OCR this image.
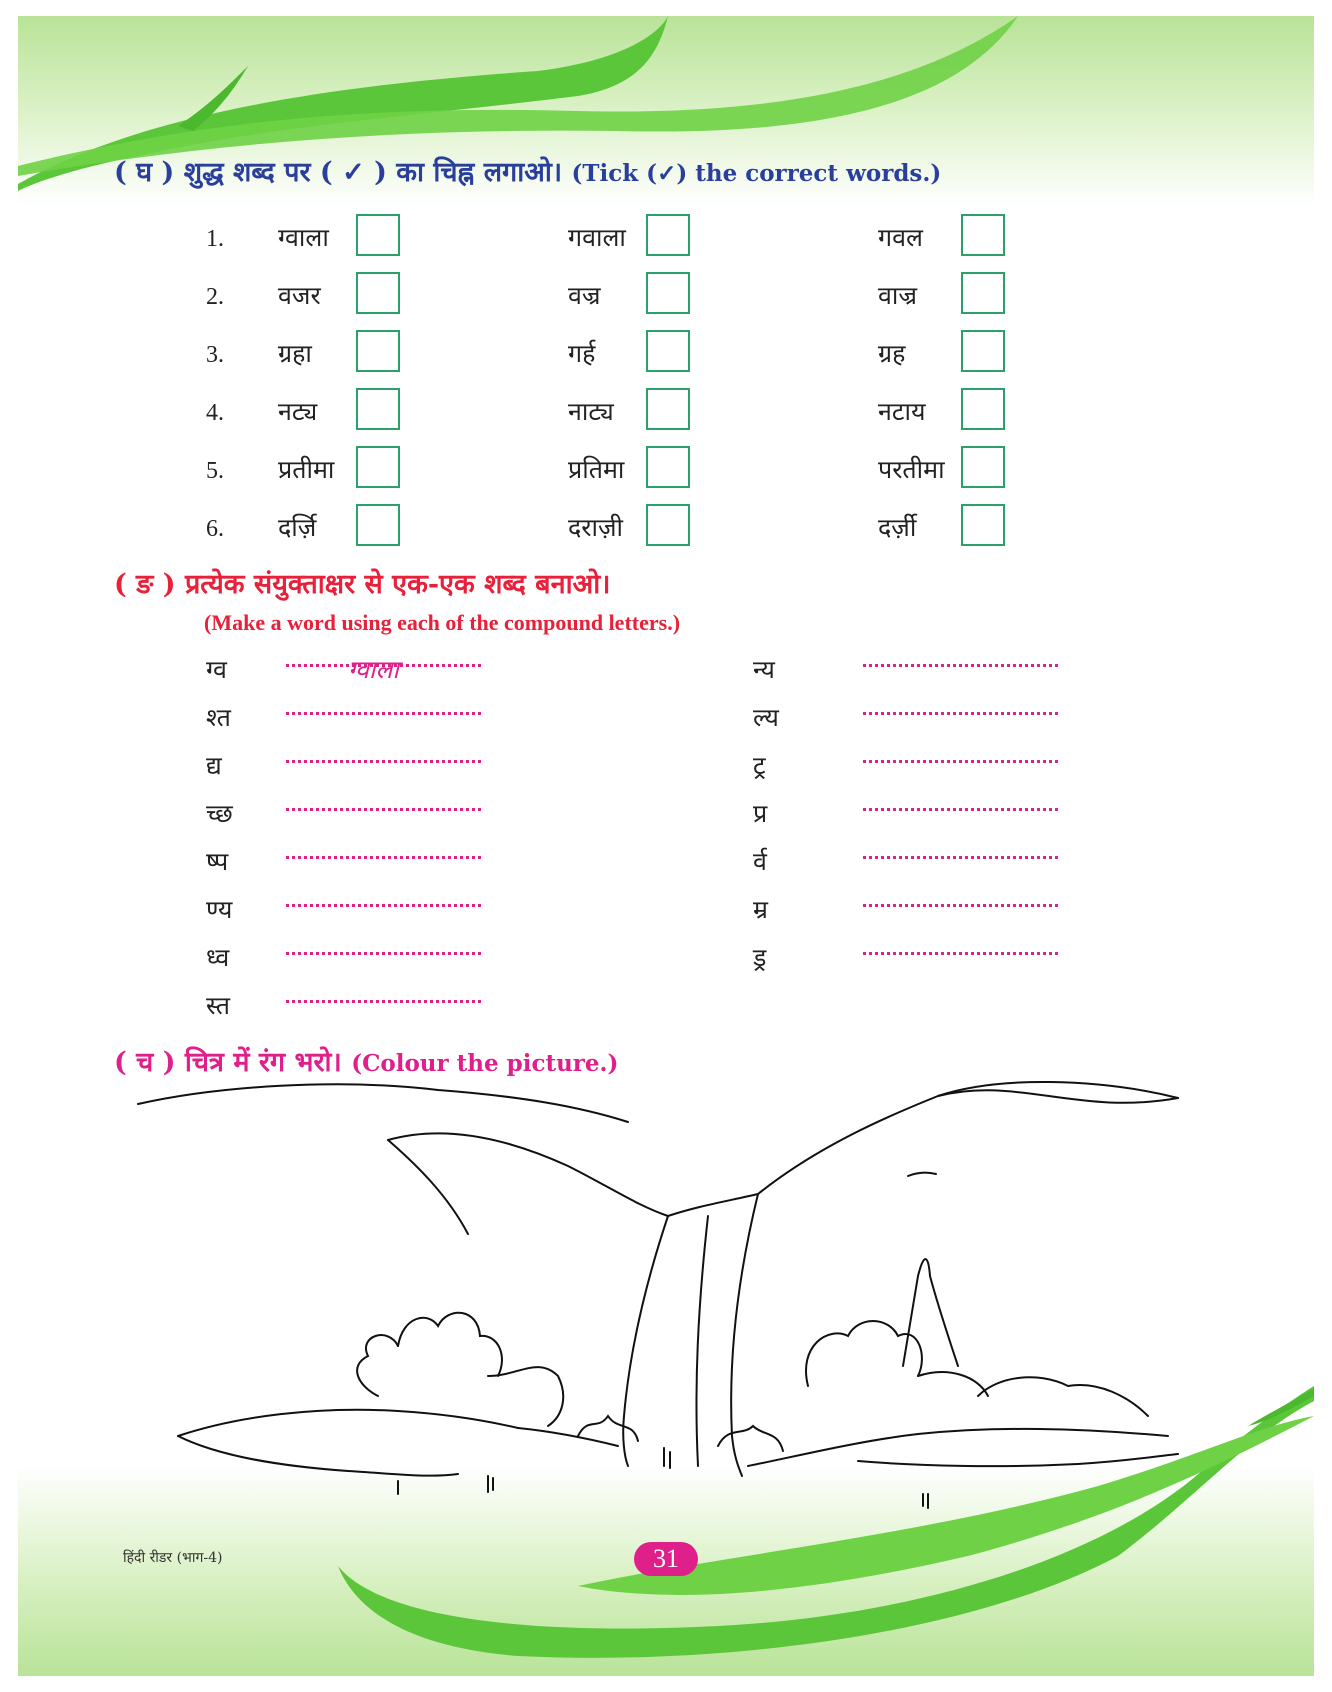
( घ ) शुद्ध शब्द पर ( ✓ ) का चिह्न लगाओ। (Tick (✓) the correct words.)
1. ग्वाला	गवाला	गवल
2. वजर	वज्र	वाज्र
3. ग्रहा	गर्ह	ग्रह
4. नट्य	नाट्य	नटाय
5. प्रतीमा	प्रतिमा	परतीमा
6. दर्ज़ि	दराज़ी	दर्ज़ी
( ङ ) प्रत्येक संयुक्ताक्षर से एक-एक शब्द बनाओ।
(Make a word using each of the compound letters.)
ग्व	ग्वाला
श्त
द्य
च्छ
ष्प
ण्य
ध्व
स्त
न्य
ल्य
ट्र
प्र
र्व
म्र
ड्र
( च ) चित्र में रंग भरो। (Colour the picture.)
हिंदी रीडर (भाग-4)	31
